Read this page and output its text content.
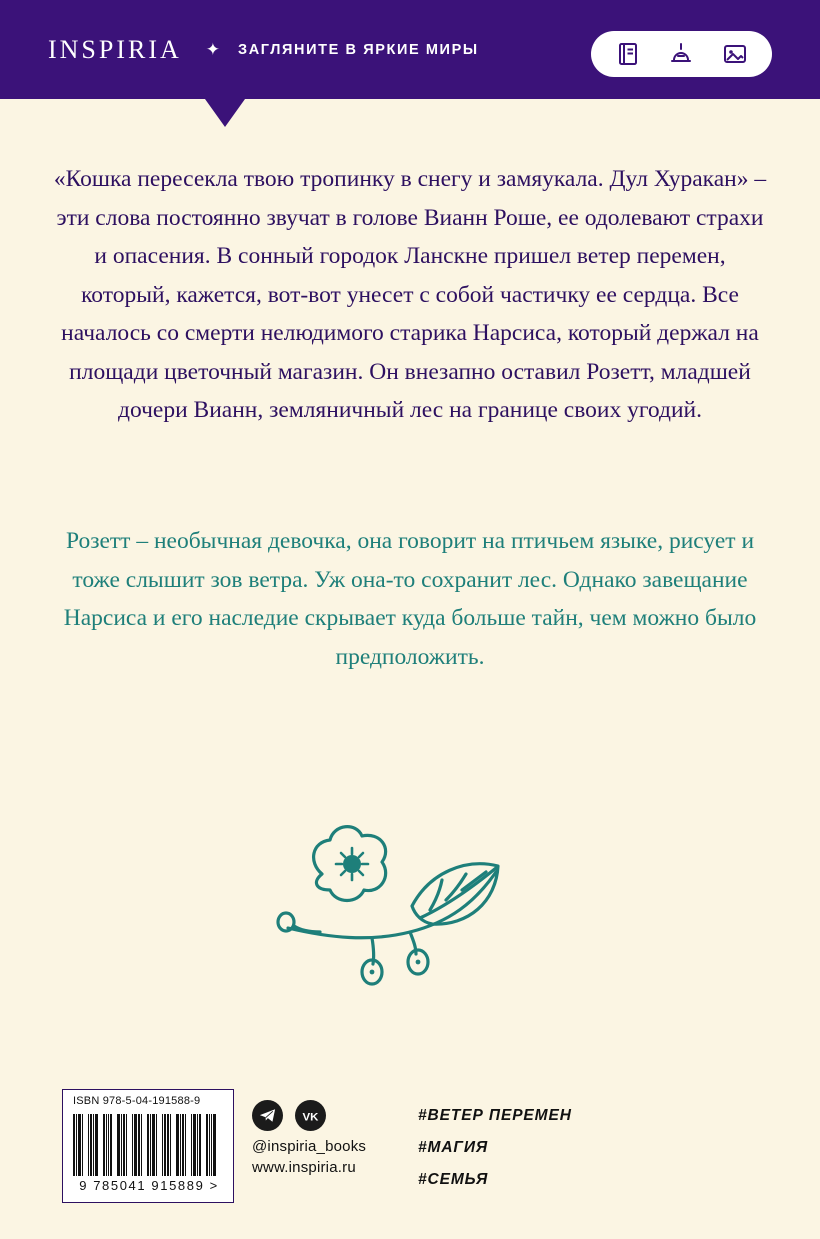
INSPIRIA ✦ ЗАГЛЯНИТЕ В ЯРКИЕ МИРЫ

«Кошка пересекла твою тропинку в снегу и замяукала. Дул Хуракан» – эти слова постоянно звучат в голове Вианн Роше, ее одолевают страхи и опасения. В сонный городок Ланскне пришел ветер перемен, который, кажется, вот-вот унесет с собой частичку ее сердца. Все началось со смерти нелюдимого старика Нарсиса, который держал на площади цветочный магазин. Он внезапно оставил Розетт, младшей дочери Вианн, земляничный лес на границе своих угодий.

Розетт – необычная девочка, она говорит на птичьем языке, рисует и тоже слышит зов ветра. Уж она-то сохранит лес. Однако завещание Нарсиса и его наследие скрывает куда больше тайн, чем можно было предположить.

ISBN 978-5-04-191588-9

9 785041 915889 >
VK
@inspiria_books
www.inspiria.ru
#ВЕТЕР ПЕРЕМЕН
#МАГИЯ
#СЕМЬЯ
